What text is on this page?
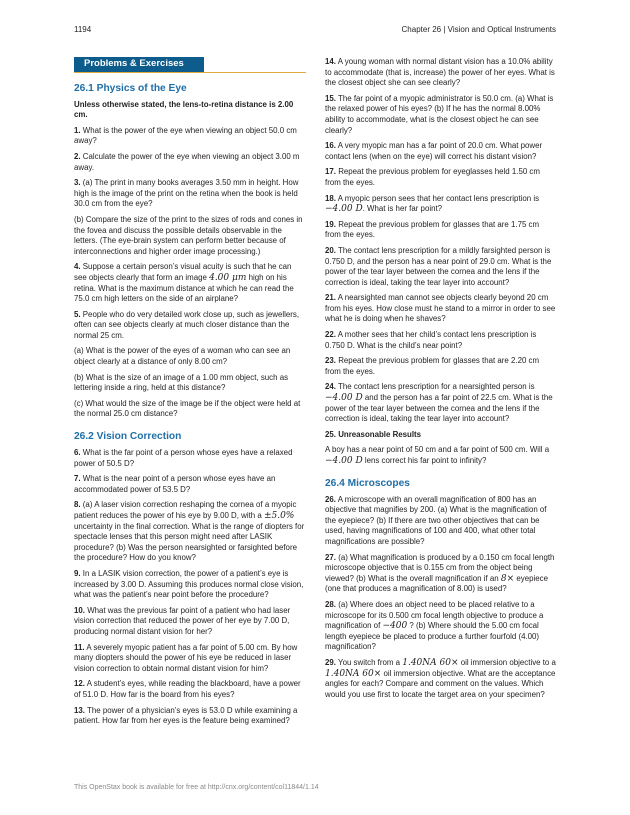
1194	Chapter 26 | Vision and Optical Instruments
Problems & Exercises
26.1 Physics of the Eye

Unless otherwise stated, the lens-to-retina distance is 2.00 cm.

1. What is the power of the eye when viewing an object 50.0 cm away?

2. Calculate the power of the eye when viewing an object 3.00 m away.

3. (a) The print in many books averages 3.50 mm in height. How high is the image of the print on the retina when the book is held 30.0 cm from the eye?

(b) Compare the size of the print to the sizes of rods and cones in the fovea and discuss the possible details observable in the letters. (The eye-brain system can perform better because of interconnections and higher order image processing.)

4. Suppose a certain person’s visual acuity is such that he can see objects clearly that form an image 4.00 μm high on his retina. What is the maximum distance at which he can read the 75.0 cm high letters on the side of an airplane?

5. People who do very detailed work close up, such as jewellers, often can see objects clearly at much closer distance than the normal 25 cm.

(a) What is the power of the eyes of a woman who can see an object clearly at a distance of only 8.00 cm?

(b) What is the size of an image of a 1.00 mm object, such as lettering inside a ring, held at this distance?

(c) What would the size of the image be if the object were held at the normal 25.0 cm distance?

26.2 Vision Correction

6. What is the far point of a person whose eyes have a relaxed power of 50.5 D?

7. What is the near point of a person whose eyes have an accommodated power of 53.5 D?

8. (a) A laser vision correction reshaping the cornea of a myopic patient reduces the power of his eye by 9.00 D, with a ±5.0% uncertainty in the final correction. What is the range of diopters for spectacle lenses that this person might need after LASIK procedure? (b) Was the person nearsighted or farsighted before the procedure? How do you know?

9. In a LASIK vision correction, the power of a patient’s eye is increased by 3.00 D. Assuming this produces normal close vision, what was the patient’s near point before the procedure?

10. What was the previous far point of a patient who had laser vision correction that reduced the power of her eye by 7.00 D, producing normal distant vision for her?

11. A severely myopic patient has a far point of 5.00 cm. By how many diopters should the power of his eye be reduced in laser vision correction to obtain normal distant vision for him?

12. A student’s eyes, while reading the blackboard, have a power of 51.0 D. How far is the board from his eyes?

13. The power of a physician’s eyes is 53.0 D while examining a patient. How far from her eyes is the feature being examined?

14. A young woman with normal distant vision has a 10.0% ability to accommodate (that is, increase) the power of her eyes. What is the closest object she can see clearly?

15. The far point of a myopic administrator is 50.0 cm. (a) What is the relaxed power of his eyes? (b) If he has the normal 8.00% ability to accommodate, what is the closest object he can see clearly?

16. A very myopic man has a far point of 20.0 cm. What power contact lens (when on the eye) will correct his distant vision?

17. Repeat the previous problem for eyeglasses held 1.50 cm from the eyes.

18. A myopic person sees that her contact lens prescription is −4.00 D. What is her far point?

19. Repeat the previous problem for glasses that are 1.75 cm from the eyes.

20. The contact lens prescription for a mildly farsighted person is 0.750 D, and the person has a near point of 29.0 cm. What is the power of the tear layer between the cornea and the lens if the correction is ideal, taking the tear layer into account?

21. A nearsighted man cannot see objects clearly beyond 20 cm from his eyes. How close must he stand to a mirror in order to see what he is doing when he shaves?

22. A mother sees that her child’s contact lens prescription is 0.750 D. What is the child’s near point?

23. Repeat the previous problem for glasses that are 2.20 cm from the eyes.

24. The contact lens prescription for a nearsighted person is −4.00 D and the person has a far point of 22.5 cm. What is the power of the tear layer between the cornea and the lens if the correction is ideal, taking the tear layer into account?

25. Unreasonable Results

A boy has a near point of 50 cm and a far point of 500 cm. Will a −4.00 D lens correct his far point to infinity?

26.4 Microscopes

26. A microscope with an overall magnification of 800 has an objective that magnifies by 200. (a) What is the magnification of the eyepiece? (b) If there are two other objectives that can be used, having magnifications of 100 and 400, what other total magnifications are possible?

27. (a) What magnification is produced by a 0.150 cm focal length microscope objective that is 0.155 cm from the object being viewed? (b) What is the overall magnification if an 8× eyepiece (one that produces a magnification of 8.00) is used?

28. (a) Where does an object need to be placed relative to a microscope for its 0.500 cm focal length objective to produce a magnification of −400 ? (b) Where should the 5.00 cm focal length eyepiece be placed to produce a further fourfold (4.00) magnification?

29. You switch from a 1.40NA 60× oil immersion objective to a 1.40NA 60× oil immersion objective. What are the acceptance angles for each? Compare and comment on the values. Which would you use first to locate the target area on your specimen?

This OpenStax book is available for free at http://cnx.org/content/col11844/1.14
